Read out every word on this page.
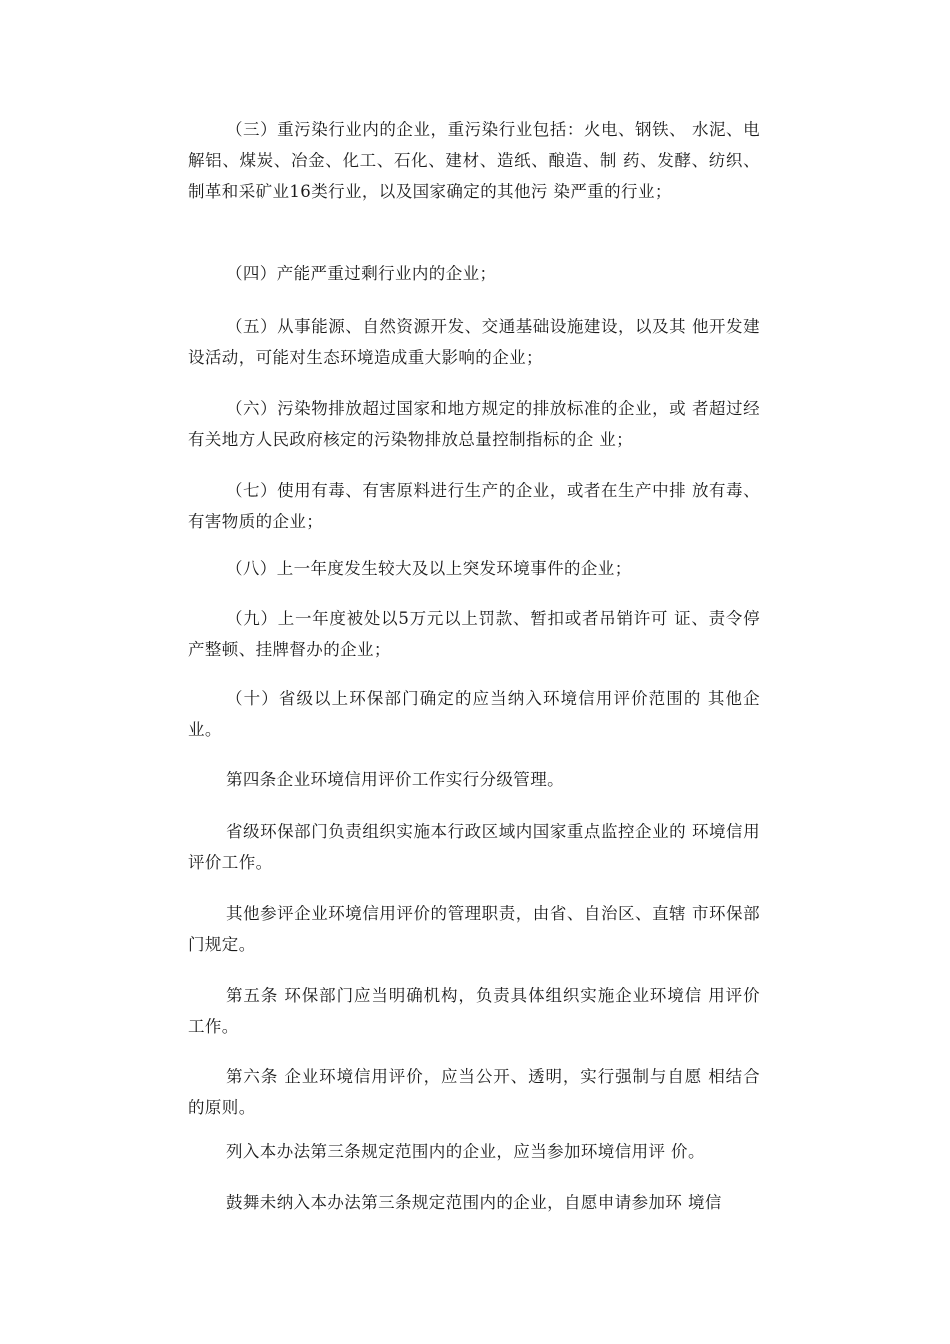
（三）重污染行业内的企业，重污染行业包括：火电、钢铁、 水泥、电解铝、煤炭、冶金、化工、石化、建材、造纸、酿造、制 药、发酵、纺织、制革和采矿业16类行业，以及国家确定的其他污 染严重的行业；

（四）产能严重过剩行业内的企业；

（五）从事能源、自然资源开发、交通基础设施建设，以及其 他开发建设活动，可能对生态环境造成重大影响的企业；

（六）污染物排放超过国家和地方规定的排放标准的企业，或 者超过经有关地方人民政府核定的污染物排放总量控制指标的企 业；

（七）使用有毒、有害原料进行生产的企业，或者在生产中排 放有毒、有害物质的企业；

（八）上一年度发生较大及以上突发环境事件的企业；

（九）上一年度被处以5万元以上罚款、暂扣或者吊销许可 证、责令停产整顿、挂牌督办的企业；

（十）省级以上环保部门确定的应当纳入环境信用评价范围的 其他企业。

第四条企业环境信用评价工作实行分级管理。

省级环保部门负责组织实施本行政区域内国家重点监控企业的 环境信用评价工作。

其他参评企业环境信用评价的管理职责，由省、自治区、直辖 市环保部门规定。

第五条 环保部门应当明确机构，负责具体组织实施企业环境信 用评价工作。

第六条 企业环境信用评价，应当公开、透明，实行强制与自愿 相结合的原则。

列入本办法第三条规定范围内的企业，应当参加环境信用评 价。

鼓舞未纳入本办法第三条规定范围内的企业，自愿申请参加环 境信
